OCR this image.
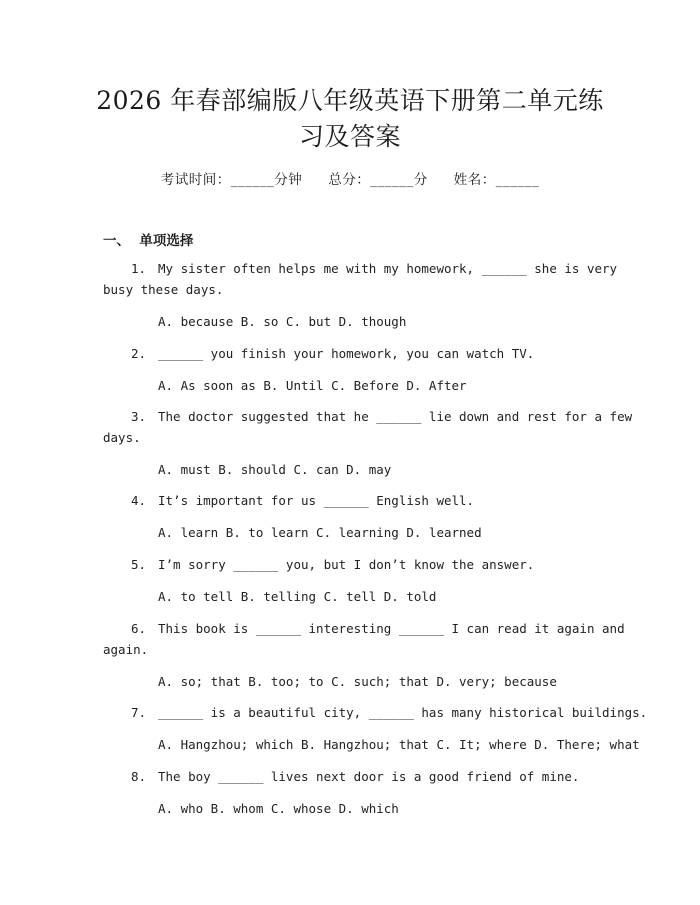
2026 年春部编版八年级英语下册第二单元练
习及答案
考试时间：______分钟 总分：______分 姓名：______
一、  单项选择
1. My sister often helps me with my homework, ______ she is very
busy these days.
A. because B. so C. but D. though
2. ______ you finish your homework, you can watch TV.
A. As soon as B. Until C. Before D. After
3. The doctor suggested that he ______ lie down and rest for a few
days.
A. must B. should C. can D. may
4. It’s important for us ______ English well.
A. learn B. to learn C. learning D. learned
5. I’m sorry ______ you, but I don’t know the answer.
A. to tell B. telling C. tell D. told
6. This book is ______ interesting ______ I can read it again and
again.
A. so; that B. too; to C. such; that D. very; because
7. ______ is a beautiful city, ______ has many historical buildings.
A. Hangzhou; which B. Hangzhou; that C. It; where D. There; what
8. The boy ______ lives next door is a good friend of mine.
A. who B. whom C. whose D. which
